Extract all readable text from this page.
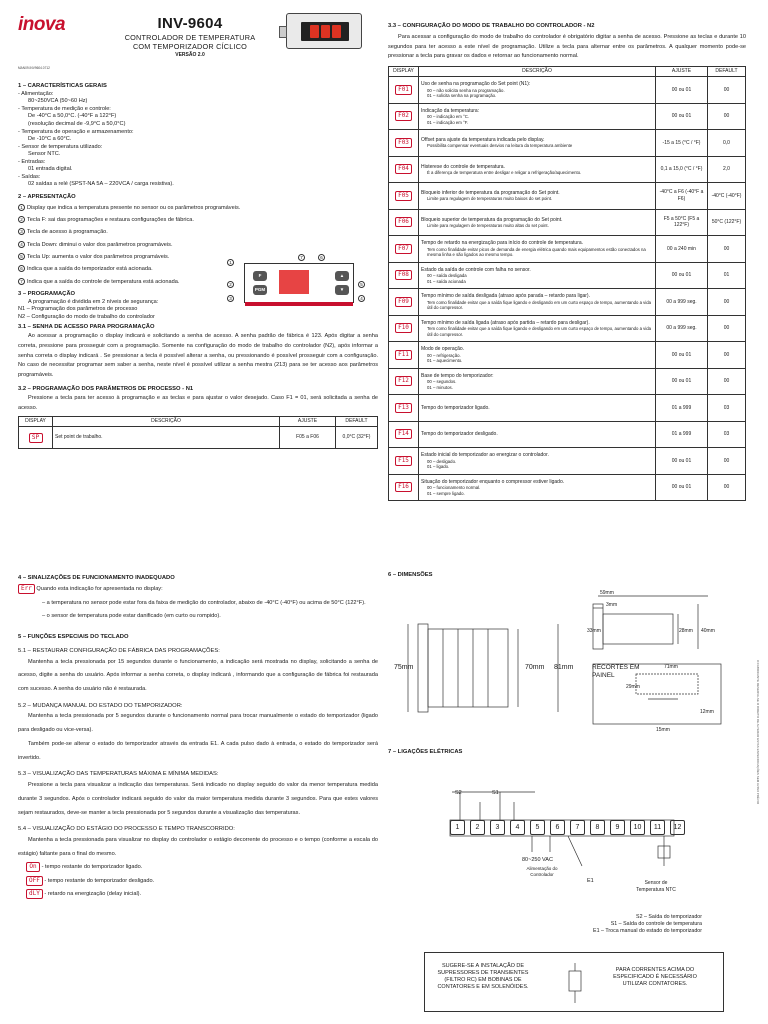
inova	INV-9604
CONTROLADOR DE TEMPERATURA
COM TEMPORIZADOR CÍCLICO
VERSÃO 2.0
MAN09.INV9604.0712
1 – CARACTERÍSTICAS GERAIS
- Alimentação:
80~250VCA (50~60 Hz)
- Temperatura de medição e controle:
De -40°C a 50,0°C. (-40°F a 122°F)
(resolução decimal de -9,9°C a 50,0°C)
- Temperatura de operação e armazenamento:
De -10°C a 60°C.
- Sensor de temperatura utilizado:
Sensor NTC.
- Entradas:
01 entrada digital.
- Saídas:
02 saídas a relé (SPST-NA 5A – 220VCA / carga resistiva).
2 – APRESENTAÇÃO
1 Display que indica a temperatura presente no sensor ou os parâmetros programáveis.
2 Tecla F: sai das programações e restaura configurações de fábrica.
3 Tecla de acesso à programação.
4 Tecla Down: diminui o valor dos parâmetros programáveis.
5 Tecla Up: aumenta o valor dos parâmetros programáveis.
6 Indica que a saída do temporizador está acionada.
7 Indica que a saída do controle de temperatura está acionada.
3 – PROGRAMAÇÃO
A programação é dividida em 2 níveis de segurança:
N1 – Programação dos parâmetros de processo
N2 – Configuração do modo de trabalho do controlador
3.1 – SENHA DE ACESSO PARA PROGRAMAÇÃO
Ao acessar a programação o display indicará e solicitando a senha de acesso. A senha padrão de fábrica é 123. Após digitar a senha correta, pressione para prosseguir com a programação. Somente na configuração do modo de trabalho do controlador (N2), após informar a senha correta o display indicará . Se pressionar a tecla é possível alterar a senha, ou pressionando é possível prosseguir com a configuração. No caso de necessitar programar sem saber a senha, neste nível é possível utilizar a senha mestra (213) para se ter acesso aos parâmetros programáveis.
3.2 – PROGRAMAÇÃO DOS PARÂMETROS DE PROCESSO - N1
Pressione a tecla para ter acesso à programação e as teclas e para ajustar o valor desejado. Caso F1 = 01, será solicitada a senha de acesso.
DISPLAY	DESCRIÇÃO	AJUSTE	DEFAULT
SP	Set point de trabalho.	F05 a F06	0,0°C (32°F)
F
PGM
▲
▼
1
2
3	4
5
6
7
3.3 – CONFIGURAÇÃO DO MODO DE TRABALHO DO CONTROLADOR - N2
Para acessar a configuração do modo de trabalho do controlador é obrigatório digitar a senha de acesso. Pressione as teclas e durante 10 segundos para ter acesso a este nível de programação. Utilize a tecla para alternar entre os parâmetros. A qualquer momento pode-se pressionar a tecla para gravar os dados e retornar ao funcionamento normal.
DISPLAY	DESCRIÇÃO	AJUSTE	DEFAULT
F01	Uso de senha na programação do Set point (N1):
00 – não solicita senha na programação.
01 – solicita senha na programação.	00 ou 01	00
F02	Indicação da temperatura:
00 – indicação em °C.
01 – indicação em °F.	00 ou 01	00
F03	Offset para ajuste da temperatura indicada pelo display.
Possibilita compensar eventuais desvios na leitura da temperatura ambiente	-15 a 15 (°C / °F)	0,0
F04	Histerese do controle de temperatura.
É a diferença de temperatura entre desligar e religar a refrigeração/aquecimento.	0,1 a 15,0 (°C / °F)	2,0
F05	Bloqueio inferior de temperatura da programação do Set point.
Limite para regulagem de temperaturas muito baixos do set point.	-40°C a F6 (-40°F a F6)	-40°C (-40°F)
F06	Bloqueio superior de temperatura da programação do Set point.
Limite para regulagem de temperaturas muito altas do set point.	F5 a 50°C (F5 a 122°F)	50°C (122°F)
F07	Tempo de retardo na energização para início do controle de temperatura.
Tem como finalidade evitar picos de demanda de energia elétrica quando mais equipamentos estão conectados na mesma linha e são ligados ao mesmo tempo.	00 a 240 min	00
F08	Estado da saída de controle com falha no sensor.
00 – saída desligada
01 – saída acionada	00 ou 01	01
F09	Tempo mínimo de saída desligada (atraso após parada – retardo para ligar).
Tem como finalidade evitar que a saída fique ligando e desligando em um curto espaço de tempo, aumentando a vida útil do compressor.	00 a 999 seg.	00
F10	Tempo mínimo de saída ligada (atraso após partida – retardo para desligar).
Tem como finalidade evitar que a saída fique ligando e desligando em um curto espaço de tempo, aumentando a vida útil do compressor.	00 a 999 seg.	00
F11	Modo de operação.
00 – refrigeração.
01 – aquecimento.	00 ou 01	00
F12	Base de tempo do temporizador:
00 – segundos.
01 – minutos.	00 ou 01	00
F13	Tempo do temporizador ligado.	01 a 999	03
F14	Tempo do temporizador desligado.	01 a 999	03
F15	Estado inicial do temporizador ao energizar o controlador.
00 – desligado.
01 – ligado.	00 ou 01	00
F16	Situação do temporizador enquanto o compressor estiver ligado.
00 – funcionamento normal.
01 – sempre ligado.	00 ou 01	00
4 – SINALIZAÇÕES DE FUNCIONAMENTO INADEQUADO
Err Quando esta indicação for apresentada no display:
– a temperatura no sensor pode estar fora da faixa de medição do controlador, abaixo de -40°C (-40°F) ou acima de 50°C (122°F).
– o sensor de temperatura pode estar danificado (em curto ou rompido).
5 – FUNÇÕES ESPECIAIS DO TECLADO
5.1 – RESTAURAR CONFIGURAÇÃO DE FÁBRICA DAS PROGRAMAÇÕES:
Mantenha a tecla pressionada por 15 segundos durante o funcionamento, a indicação será mostrada no display, solicitando a senha de acesso, digite a senha do usuário. Após informar a senha correta, o display indicará , informando que a configuração de fábrica foi restaurada com sucesso. A senha do usuário não é restaurada.
5.2 – MUDANÇA MANUAL DO ESTADO DO TEMPORIZADOR:
Mantenha a tecla pressionada por 5 segundos durante o funcionamento normal para trocar manualmente o estado do temporizador (ligado para desligado ou vice-versa).
Também pode-se alterar o estado do temporizador através da entrada E1. A cada pulso dado à entrada, o estado do temporizador será invertido.
5.3 – VISUALIZAÇÃO DAS TEMPERATURAS MÁXIMA E MÍNIMA MEDIDAS:
Pressione a tecla para visualizar a indicação das temperaturas. Será indicado no display seguido do valor da menor temperatura medida durante 3 segundos. Após o controlador indicará seguido do valor da maior temperatura medida durante 3 segundos. Para que estes valores sejam restaurados, deve-se manter a tecla pressionada por 5 segundos durante a visualização das temperaturas.
5.4 – VISUALIZAÇÃO DO ESTÁGIO DO PROCESSO E TEMPO TRANSCORRIDO:
Mantenha a tecla pressionada para visualizar no display do controlador o estágio decorrente do processo e o tempo (conforme a escala do estágio) faltante para o final do mesmo.
On - tempo restante do temporizador ligado.
OFF - tempo restante do temporizador desligado.
dLY - retardo na energização (delay inicial).
6 – DIMENSÕES
59mm
3mm
33mm	28mm 40mm
75mm	70mm 81mm	RECORTES EM PAINEL
71mm
29mm
12mm
15mm
7 – LIGAÇÕES ELÉTRICAS
1	2	3	4	5	6	7	8	9	10	11	12
S2	S1
80~250 VAC
Alimentação do Controlador
E1	Sensor de Temperatura NTC
S2 – Saída do temporizador
S1 – Saída do controle de temperatura
E1 – Troca manual do estado do temporizador
SUGERE-SE A INSTALAÇÃO DE SUPRESSORES DE TRANSIENTES (FILTRO RC) EM BOBINAS DE CONTATORES E EM SOLENÓIDES.
PARA CORRENTES ACIMA DO ESPECIFICADO É NECESSÁRIO UTILIZAR CONTATORES.
O FABRICANTE RESERVA-SE O DIREITO DE ALTERAR ESTAS ESPECIFICAÇÕES SEM AVISO PRÉVIO
